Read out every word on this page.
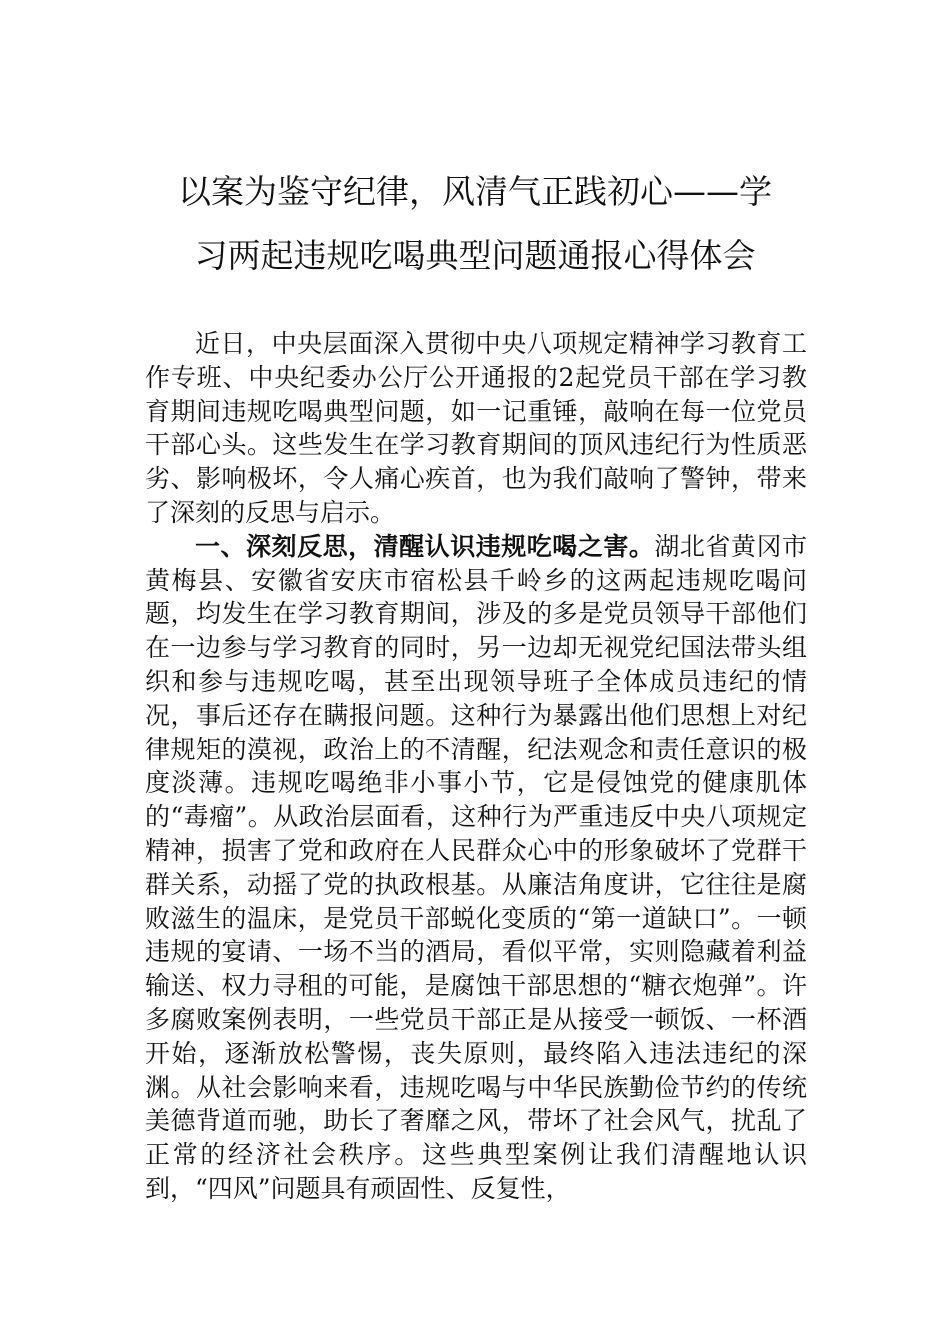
以案为鉴守纪律，风清气正践初心——学
习两起违规吃喝典型问题通报心得体会

近日，中央层面深入贯彻中央八项规定精神学习教育工作专班、中央纪委办公厅公开通报的2起党员干部在学习教育期间违规吃喝典型问题，如一记重锤，敲响在每一位党员干部心头。这些发生在学习教育期间的顶风违纪行为性质恶劣、影响极坏，令人痛心疾首，也为我们敲响了警钟，带来了深刻的反思与启示。

一、深刻反思，清醒认识违规吃喝之害。湖北省黄冈市黄梅县、安徽省安庆市宿松县千岭乡的这两起违规吃喝问题，均发生在学习教育期间，涉及的多是党员领导干部他们在一边参与学习教育的同时，另一边却无视党纪国法带头组织和参与违规吃喝，甚至出现领导班子全体成员违纪的情况，事后还存在瞒报问题。这种行为暴露出他们思想上对纪律规矩的漠视，政治上的不清醒，纪法观念和责任意识的极度淡薄。违规吃喝绝非小事小节，它是侵蚀党的健康肌体的“毒瘤”。从政治层面看，这种行为严重违反中央八项规定精神，损害了党和政府在人民群众心中的形象破坏了党群干群关系，动摇了党的执政根基。从廉洁角度讲，它往往是腐败滋生的温床，是党员干部蜕化变质的“第一道缺口”。一顿违规的宴请、一场不当的酒局，看似平常，实则隐藏着利益输送、权力寻租的可能，是腐蚀干部思想的“糖衣炮弹”。许多腐败案例表明，一些党员干部正是从接受一顿饭、一杯酒开始，逐渐放松警惕，丧失原则，最终陷入违法违纪的深渊。从社会影响来看，违规吃喝与中华民族勤俭节约的传统美德背道而驰，助长了奢靡之风，带坏了社会风气，扰乱了正常的经济社会秩序。这些典型案例让我们清醒地认识到，“四风”问题具有顽固性、反复性，
